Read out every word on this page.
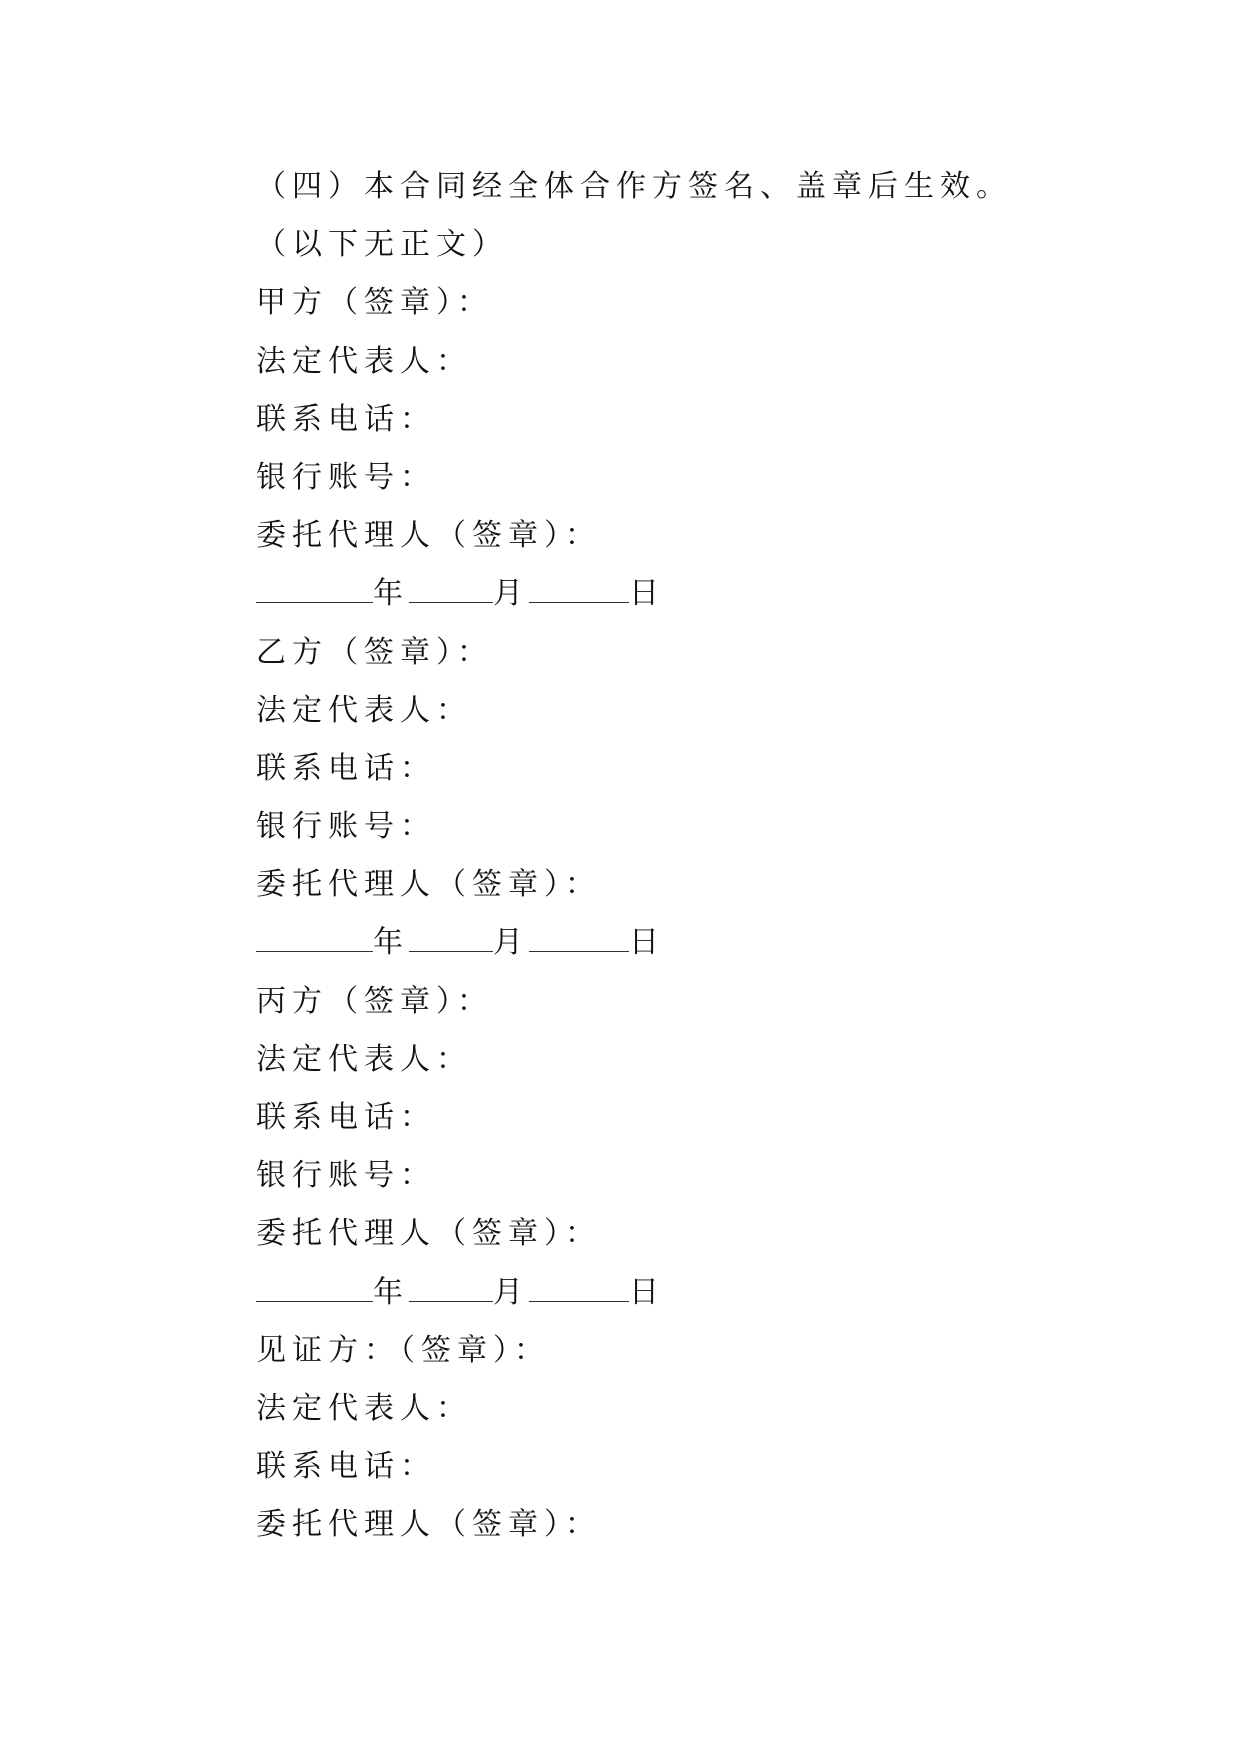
（四）本合同经全体合作方签名、盖章后生效。
（以下无正文）
甲方（签章）：
法定代表人：
联系电话：
银行账号：
委托代理人（签章）：
年	月	日
乙方（签章）：
法定代表人：
联系电话：
银行账号：
委托代理人（签章）：
年	月	日
丙方（签章）：
法定代表人：
联系电话：
银行账号：
委托代理人（签章）：
年	月	日
见证方：（签章）：
法定代表人：
联系电话：
委托代理人（签章）：
